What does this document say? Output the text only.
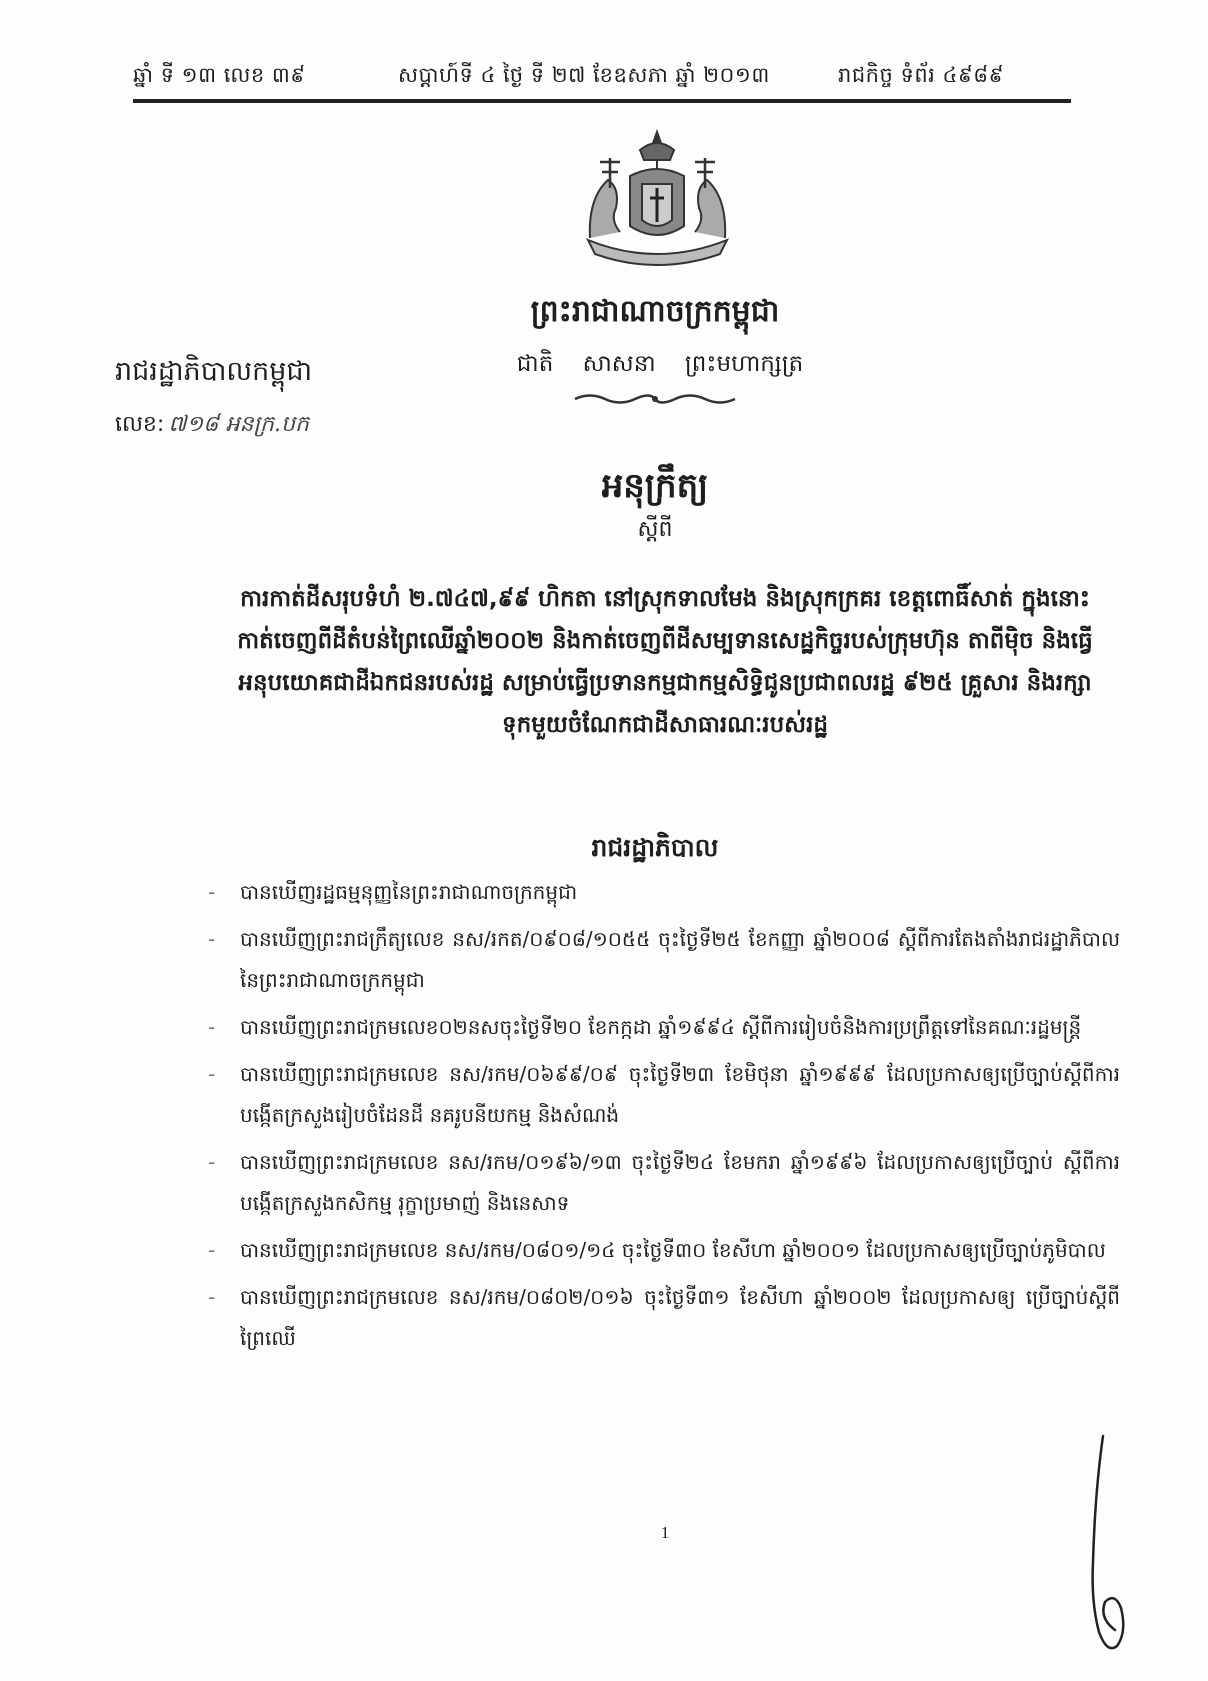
ឆ្នាំ ទី ១៣ លេខ ៣៩	សប្តាហ៍ទី ៤ ថ្ងៃ ទី ២៧ ខែឧសភា ឆ្នាំ ២០១៣	រាជកិច្ច ទំព័រ ៤៩៨៩
ព្រះរាជាណាចក្រកម្ពុជា
ជាតិ សាសនា ព្រះមហាក្សត្រ
រាជរដ្ឋាភិបាលកម្ពុជា
លេខ: ៧១៨ អនក្រ.បក
អនុក្រឹត្យ
ស្តីពី
ការកាត់ដីសរុបទំហំ ២.៧៤៧,៩៩ ហិកតា នៅស្រុកទាលមែង និងស្រុកក្រគរ ខេត្តពោធិ៍សាត់ ក្នុងនោះ កាត់ចេញពីដីតំបន់ព្រៃឈើឆ្នាំ២០០២ និងកាត់ចេញពីដីសម្បទានសេដ្ឋកិច្ចរបស់ក្រុមហ៊ុន តាពីម៉ិច និងធ្វើអនុបយោគជាដីឯកជនរបស់រដ្ឋ សម្រាប់ធ្វើប្រទានកម្មជាកម្មសិទ្ធិជូនប្រជាពលរដ្ឋ ៩២៥ គ្រួសារ និងរក្សាទុកមួយចំណែកជាដីសាធារណៈរបស់រដ្ឋ
រាជរដ្ឋាភិបាល
- បានឃើញរដ្ឋធម្មនុញ្ញនៃព្រះរាជាណាចក្រកម្ពុជា
- បានឃើញព្រះរាជក្រឹត្យលេខ នស/រកត/០៩០៨/១០៥៥ ចុះថ្ងៃទី២៥ ខែកញ្ញា ឆ្នាំ២០០៨ ស្តីពីការតែងតាំងរាជរដ្ឋាភិបាលនៃព្រះរាជាណាចក្រកម្ពុជា
- បានឃើញព្រះរាជក្រមលេខ០២នសចុះថ្ងៃទី២០ ខែកក្កដា ឆ្នាំ១៩៩៤ ស្តីពីការរៀបចំនិងការប្រព្រឹត្តទៅនៃគណៈរដ្ឋមន្ត្រី
- បានឃើញព្រះរាជក្រមលេខ នស/រកម/០៦៩៩/០៩ ចុះថ្ងៃទី២៣ ខែមិថុនា ឆ្នាំ១៩៩៩ ដែលប្រកាសឲ្យប្រើច្បាប់ស្តីពីការបង្កើតក្រសួងរៀបចំដែនដី នគរូបនីយកម្ម និងសំណង់
- បានឃើញព្រះរាជក្រមលេខ នស/រកម/០១៩៦/១៣ ចុះថ្ងៃទី២៤ ខែមករា ឆ្នាំ១៩៩៦ ដែលប្រកាសឲ្យប្រើច្បាប់ ស្តីពីការបង្កើតក្រសួងកសិកម្ម រុក្ខាប្រមាញ់ និងនេសាទ
- បានឃើញព្រះរាជក្រមលេខ នស/រកម/០៨០១/១៤ ចុះថ្ងៃទី៣០ ខែសីហា ឆ្នាំ២០០១ ដែលប្រកាសឲ្យប្រើច្បាប់ភូមិបាល
- បានឃើញព្រះរាជក្រមលេខ នស/រកម/០៨០២/០១៦ ចុះថ្ងៃទី៣១ ខែសីហា ឆ្នាំ២០០២ ដែលប្រកាសឲ្យ ប្រើច្បាប់ស្តីពីព្រៃឈើ
1
